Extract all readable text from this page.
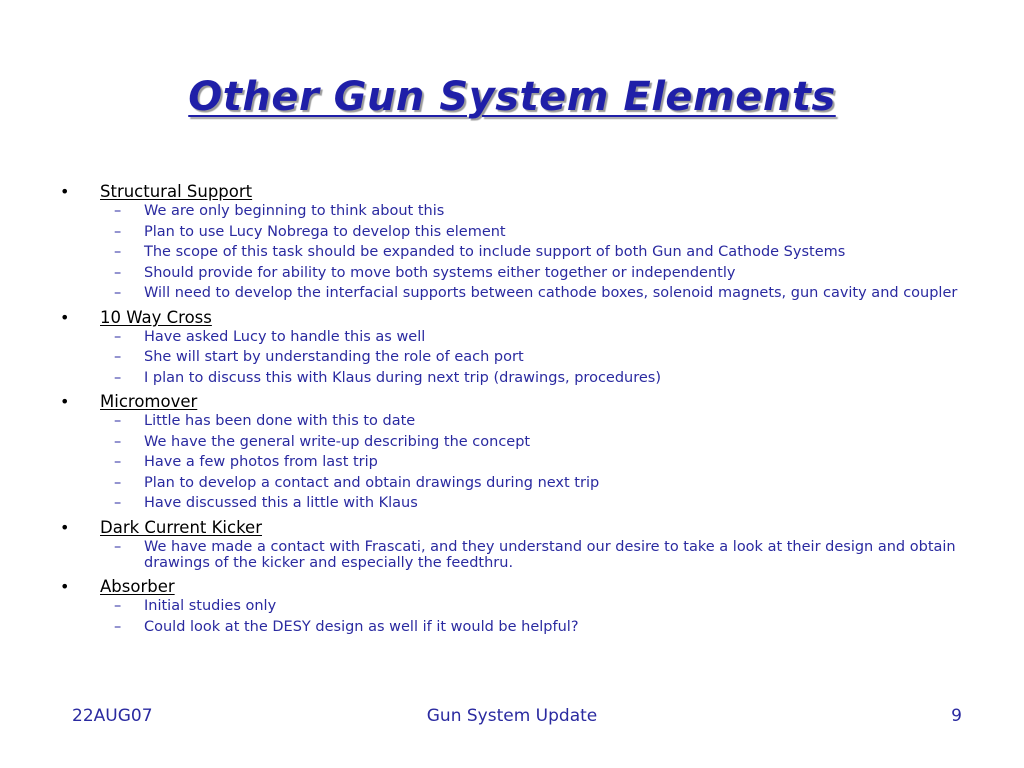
Other Gun System Elements
• Structural Support
– We are only beginning to think about this
– Plan to use Lucy Nobrega to develop this element
– The scope of this task should be expanded to include support of both Gun and Cathode Systems
– Should provide for ability to move both systems either together or independently
– Will need to develop the interfacial supports between cathode boxes, solenoid magnets, gun cavity and coupler
• 10 Way Cross
– Have asked Lucy to handle this as well
– She will start by understanding the role of each port
– I plan to discuss this with Klaus during next trip (drawings, procedures)
• Micromover
– Little has been done with this to date
– We have the general write-up describing the concept
– Have a few photos from last trip
– Plan to develop a contact and obtain drawings during next trip
– Have discussed this a little with Klaus
• Dark Current Kicker
– We have made a contact with Frascati, and they understand our desire to take a look at their design and obtain drawings of the kicker and especially the feedthru.
• Absorber
– Initial studies only
– Could look at the DESY design as well if it would be helpful?
22AUG07	Gun System Update	9
